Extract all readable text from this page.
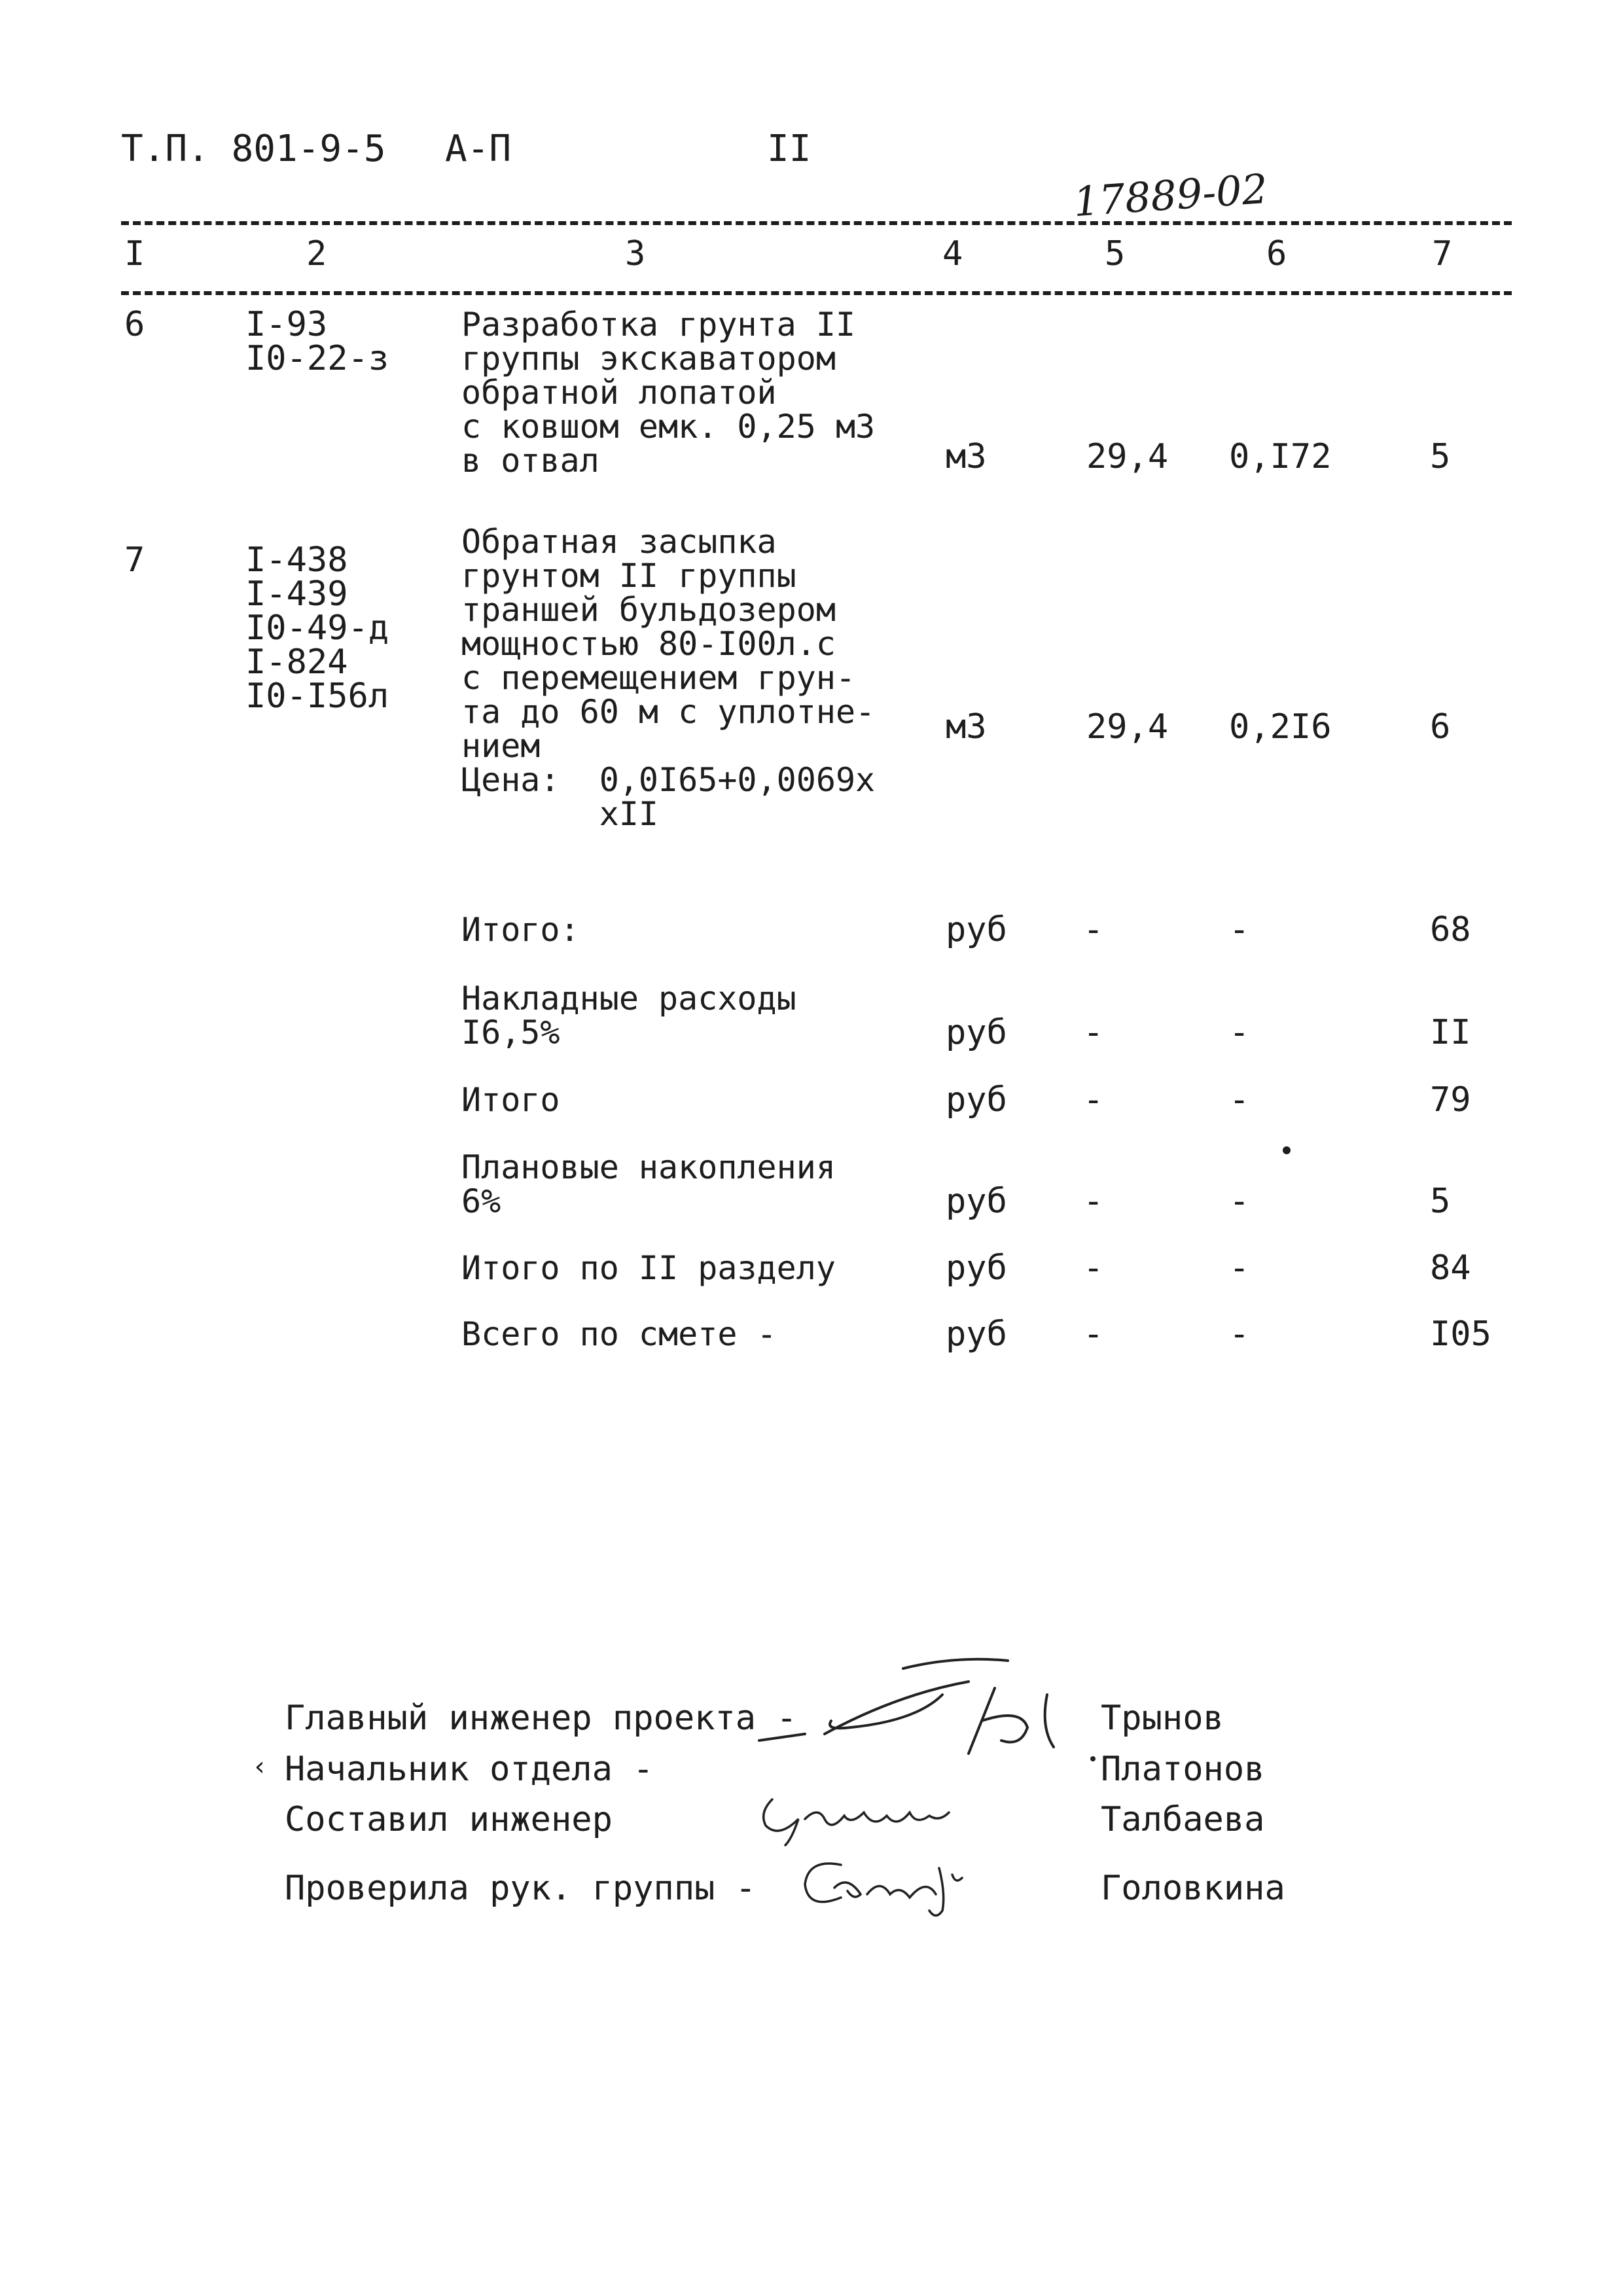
Т.П. 801-9-5 А-П	II
17889-02
I	2	3	4	5	6	7
6	I-93
I0-22-з
Разработка грунта II
группы экскаватором
обратной лопатой
с ковшом емк. 0,25 м3
в отвал	м3	29,4 0,I72	5
7	I-438
I-439
I0-49-д
I-824
I0-I56л
Обратная засыпка
грунтом II группы
траншей бульдозером
мощностью 80-I00л.с
с перемещением грун-
та до 60 м с уплотне-
нием
Цена:  0,0I65+0,0069x
xII
м3	29,4 0,2I6	6
Итого:	руб -	-	68
Накладные расходы
I6,5%	руб -	-	II
Итого	руб -	-	79
Плановые накопления
6%	руб -	-	5
Итого по II разделу	руб -	-	84
Всего по смете -	руб -	-	I05
Главный инженер проекта -	Трынов
‹ Начальник отдела -	Платонов
Составил инженер	Талбаева
Проверила рук. группы -	Головкина
